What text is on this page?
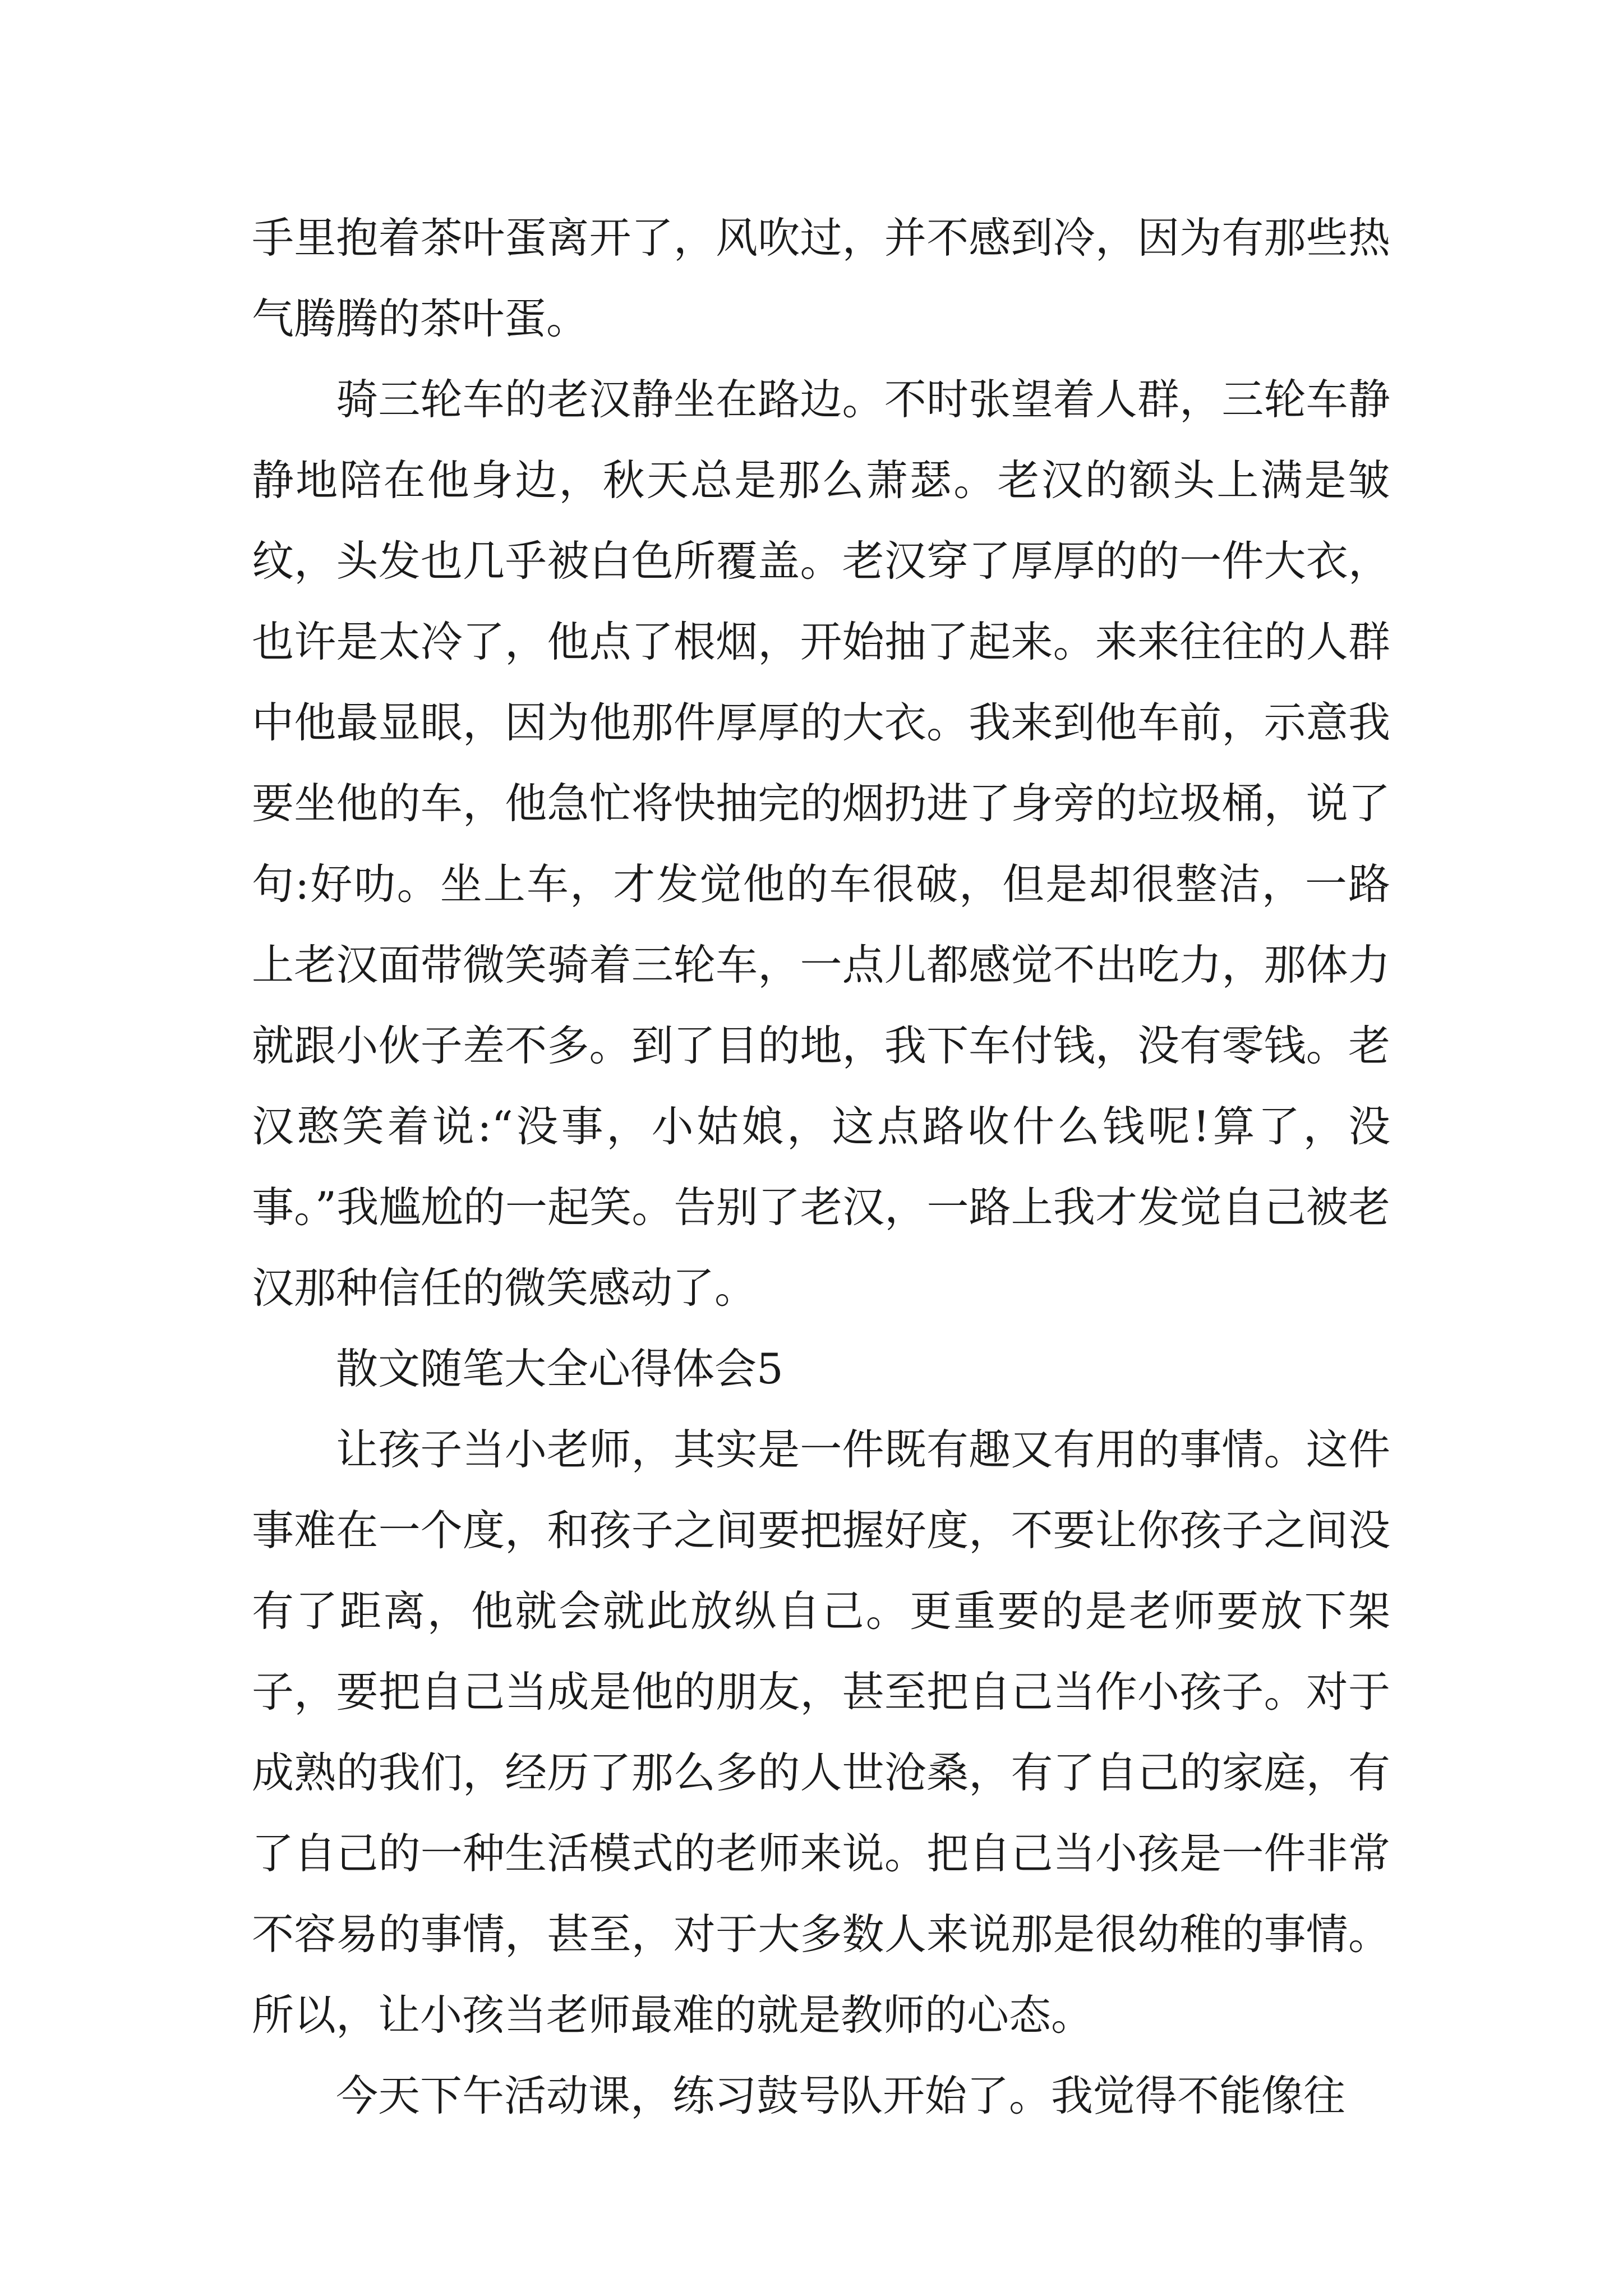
手里抱着茶叶蛋离开了，风吹过，并不感到冷，因为有那些热气腾腾的茶叶蛋。

骑三轮车的老汉静坐在路边。不时张望着人群，三轮车静静地陪在他身边，秋天总是那么萧瑟。老汉的额头上满是皱纹，头发也几乎被白色所覆盖。老汉穿了厚厚的的一件大衣，也许是太冷了，他点了根烟，开始抽了起来。来来往往的人群中他最显眼，因为他那件厚厚的大衣。我来到他车前，示意我要坐他的车，他急忙将快抽完的烟扔进了身旁的垃圾桶，说了句:好叻。坐上车，才发觉他的车很破，但是却很整洁，一路上老汉面带微笑骑着三轮车，一点儿都感觉不出吃力，那体力就跟小伙子差不多。到了目的地，我下车付钱，没有零钱。老汉憨笑着说:“没事，小姑娘，这点路收什么钱呢!算了，没事。”我尴尬的一起笑。告别了老汉，一路上我才发觉自己被老汉那种信任的微笑感动了。

散文随笔大全心得体会5

让孩子当小老师，其实是一件既有趣又有用的事情。这件事难在一个度，和孩子之间要把握好度，不要让你孩子之间没有了距离，他就会就此放纵自己。更重要的是老师要放下架子，要把自己当成是他的朋友，甚至把自己当作小孩子。对于成熟的我们，经历了那么多的人世沧桑，有了自己的家庭，有了自己的一种生活模式的老师来说。把自己当小孩是一件非常不容易的事情，甚至，对于大多数人来说那是很幼稚的事情。所以，让小孩当老师最难的就是教师的心态。

今天下午活动课，练习鼓号队开始了。我觉得不能像往
